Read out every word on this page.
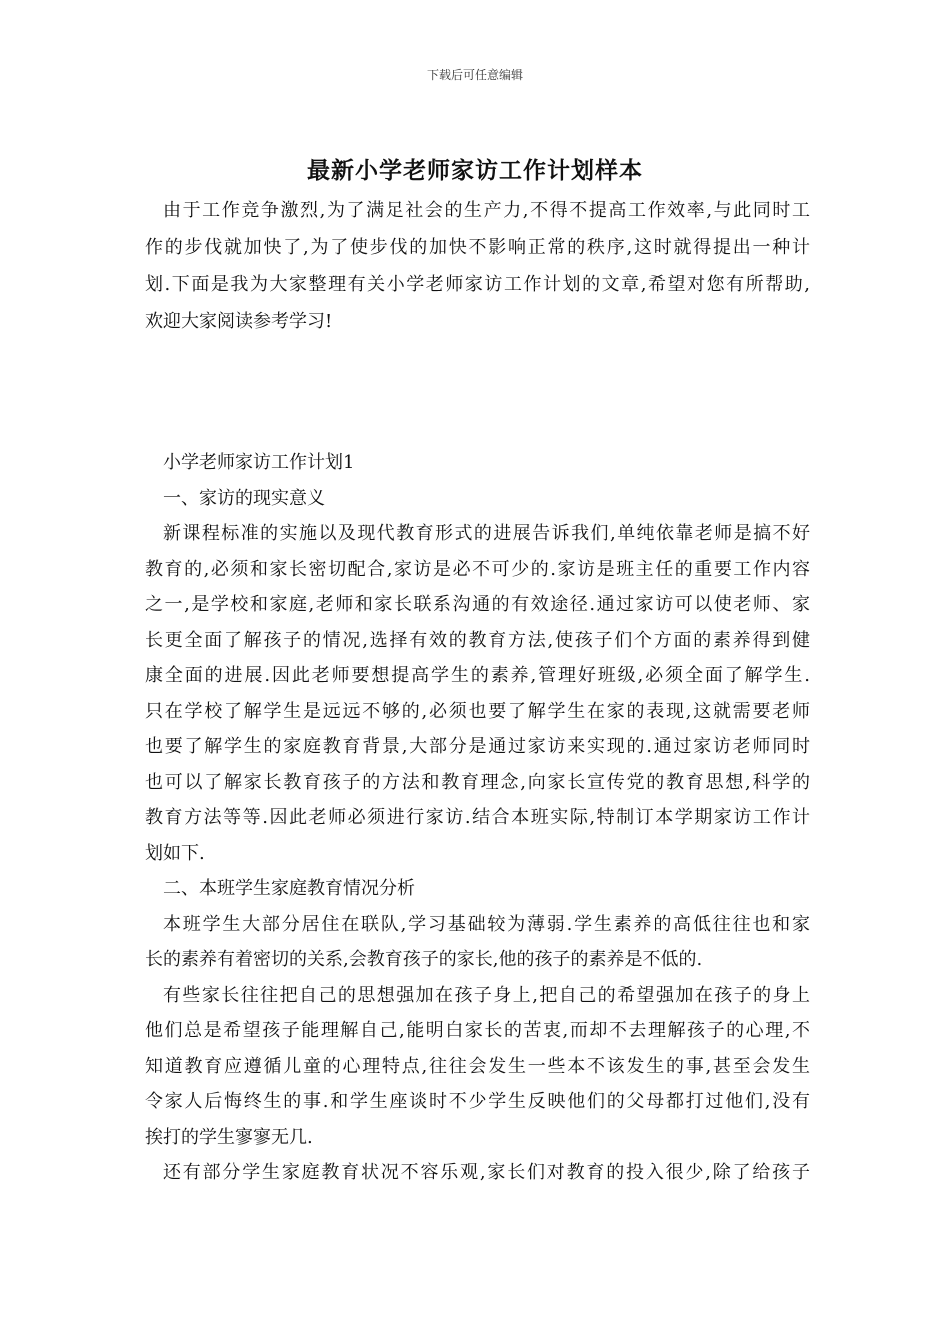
下载后可任意编辑
最新小学老师家访工作计划样本
由于工作竞争激烈,为了满足社会的生产力,不得不提高工作效率,与此同时工
作的步伐就加快了,为了使步伐的加快不影响正常的秩序,这时就得提出一种计
划.下面是我为大家整理有关小学老师家访工作计划的文章,希望对您有所帮助,
欢迎大家阅读参考学习!
小学老师家访工作计划1
一、家访的现实意义
新课程标准的实施以及现代教育形式的进展告诉我们,单纯依靠老师是搞不好
教育的,必须和家长密切配合,家访是必不可少的.家访是班主任的重要工作内容
之一,是学校和家庭,老师和家长联系沟通的有效途径.通过家访可以使老师、家
长更全面了解孩子的情况,选择有效的教育方法,使孩子们个方面的素养得到健
康全面的进展.因此老师要想提高学生的素养,管理好班级,必须全面了解学生.
只在学校了解学生是远远不够的,必须也要了解学生在家的表现,这就需要老师
也要了解学生的家庭教育背景,大部分是通过家访来实现的.通过家访老师同时
也可以了解家长教育孩子的方法和教育理念,向家长宣传党的教育思想,科学的
教育方法等等.因此老师必须进行家访.结合本班实际,特制订本学期家访工作计
划如下.
二、本班学生家庭教育情况分析
本班学生大部分居住在联队,学习基础较为薄弱.学生素养的高低往往也和家
长的素养有着密切的关系,会教育孩子的家长,他的孩子的素养是不低的.
有些家长往往把自己的思想强加在孩子身上,把自己的希望强加在孩子的身上
他们总是希望孩子能理解自己,能明白家长的苦衷,而却不去理解孩子的心理,不
知道教育应遵循儿童的心理特点,往往会发生一些本不该发生的事,甚至会发生
令家人后悔终生的事.和学生座谈时不少学生反映他们的父母都打过他们,没有
挨打的学生寥寥无几.
还有部分学生家庭教育状况不容乐观,家长们对教育的投入很少,除了给孩子
